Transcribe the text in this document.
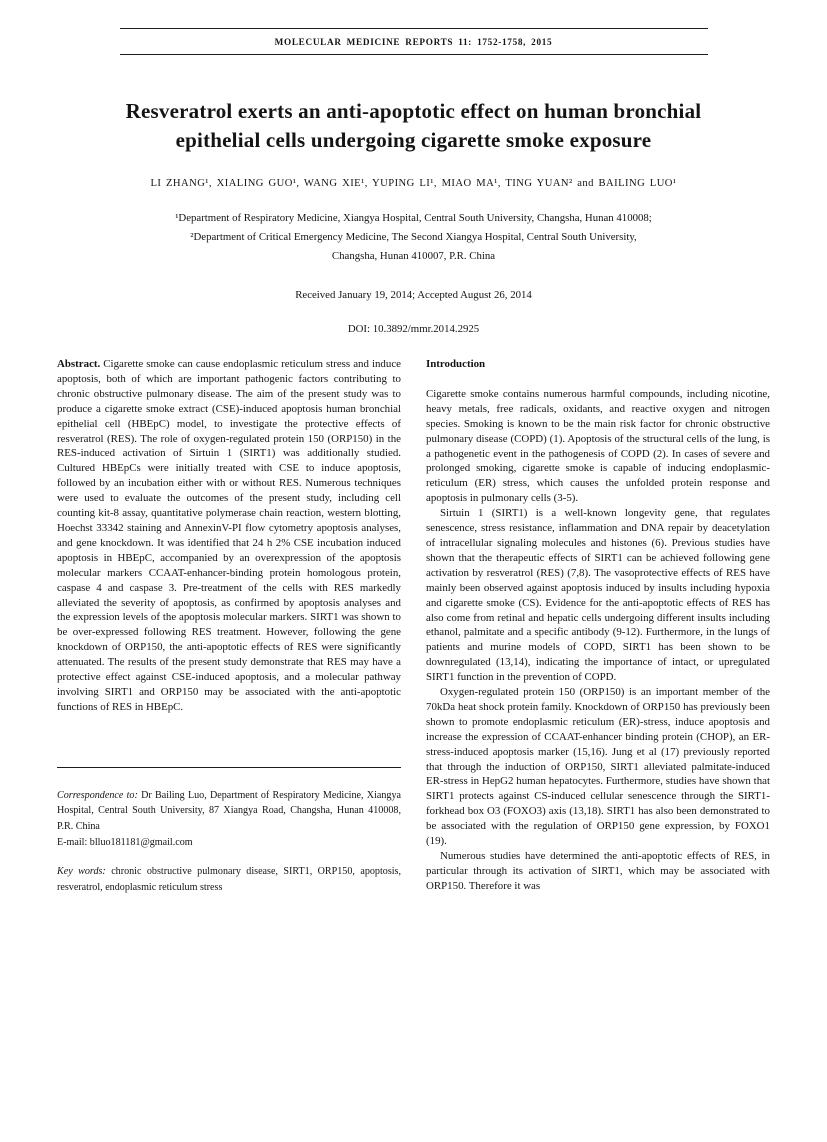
MOLECULAR MEDICINE REPORTS 11: 1752-1758, 2015
Resveratrol exerts an anti-apoptotic effect on human bronchial
epithelial cells undergoing cigarette smoke exposure
LI ZHANG¹, XIALING GUO¹, WANG XIE¹, YUPING LI¹, MIAO MA¹, TING YUAN² and BAILING LUO¹
¹Department of Respiratory Medicine, Xiangya Hospital, Central South University, Changsha, Hunan 410008;
²Department of Critical Emergency Medicine, The Second Xiangya Hospital, Central South University,
Changsha, Hunan 410007, P.R. China
Received January 19, 2014; Accepted August 26, 2014
DOI: 10.3892/mmr.2014.2925

Abstract. Cigarette smoke can cause endoplasmic reticulum stress and induce apoptosis, both of which are important pathogenic factors contributing to chronic obstructive pulmonary disease. The aim of the present study was to produce a cigarette smoke extract (CSE)-induced apoptosis human bronchial epithelial cell (HBEpC) model, to investigate the protective effects of resveratrol (RES). The role of oxygen-regulated protein 150 (ORP150) in the RES-induced activation of Sirtuin 1 (SIRT1) was additionally studied. Cultured HBEpCs were initially treated with CSE to induce apoptosis, followed by an incubation either with or without RES. Numerous techniques were used to evaluate the outcomes of the present study, including cell counting kit-8 assay, quantitative polymerase chain reaction, western blotting, Hoechst 33342 staining and AnnexinV-PI flow cytometry apoptosis analyses, and gene knockdown. It was identified that 24 h 2% CSE incubation induced apoptosis in HBEpC, accompanied by an overexpression of the apoptosis molecular markers CCAAT-enhancer-binding protein homologous protein, caspase 4 and caspase 3. Pre-treatment of the cells with RES markedly alleviated the severity of apoptosis, as confirmed by apoptosis analyses and the expression levels of the apoptosis molecular markers. SIRT1 was shown to be over-expressed following RES treatment. However, following the gene knockdown of ORP150, the anti-apoptotic effects of RES were significantly attenuated. The results of the present study demonstrate that RES may have a protective effect against CSE-induced apoptosis, and a molecular pathway involving SIRT1 and ORP150 may be associated with the anti-apoptotic functions of RES in HBEpC.

Correspondence to: Dr Bailing Luo, Department of Respiratory Medicine, Xiangya Hospital, Central South University, 87 Xiangya Road, Changsha, Hunan 410008, P.R. China

E-mail: blluo181181@gmail.com

Key words: chronic obstructive pulmonary disease, SIRT1, ORP150, apoptosis, resveratrol, endoplasmic reticulum stress

Introduction

Cigarette smoke contains numerous harmful compounds, including nicotine, heavy metals, free radicals, oxidants, and reactive oxygen and nitrogen species. Smoking is known to be the main risk factor for chronic obstructive pulmonary disease (COPD) (1). Apoptosis of the structural cells of the lung, is a pathogenetic event in the pathogenesis of COPD (2). In cases of severe and prolonged smoking, cigarette smoke is capable of inducing endoplasmic-reticulum (ER) stress, which causes the unfolded protein response and apoptosis in pulmonary cells (3-5).

Sirtuin 1 (SIRT1) is a well-known longevity gene, that regulates senescence, stress resistance, inflammation and DNA repair by deacetylation of intracellular signaling molecules and histones (6). Previous studies have shown that the therapeutic effects of SIRT1 can be achieved following gene activation by resveratrol (RES) (7,8). The vasoprotective effects of RES have mainly been observed against apoptosis induced by insults including hypoxia and cigarette smoke (CS). Evidence for the anti-apoptotic effects of RES has also come from retinal and hepatic cells undergoing different insults including ethanol, palmitate and a specific antibody (9-12). Furthermore, in the lungs of patients and murine models of COPD, SIRT1 has been shown to be downregulated (13,14), indicating the importance of intact, or upregulated SIRT1 function in the prevention of COPD.

Oxygen-regulated protein 150 (ORP150) is an important member of the 70kDa heat shock protein family. Knockdown of ORP150 has previously been shown to promote endoplasmic reticulum (ER)-stress, induce apoptosis and increase the expression of CCAAT-enhancer binding protein (CHOP), an ER-stress-induced apoptosis marker (15,16). Jung et al (17) previously reported that through the induction of ORP150, SIRT1 alleviated palmitate-induced ER-stress in HepG2 human hepatocytes. Furthermore, studies have shown that SIRT1 protects against CS-induced cellular senescence through the SIRT1-forkhead box O3 (FOXO3) axis (13,18). SIRT1 has also been demonstrated to be associated with the regulation of ORP150 gene expression, by FOXO1 (19).

Numerous studies have determined the anti-apoptotic effects of RES, in particular through its activation of SIRT1, which may be associated with ORP150. Therefore it was
